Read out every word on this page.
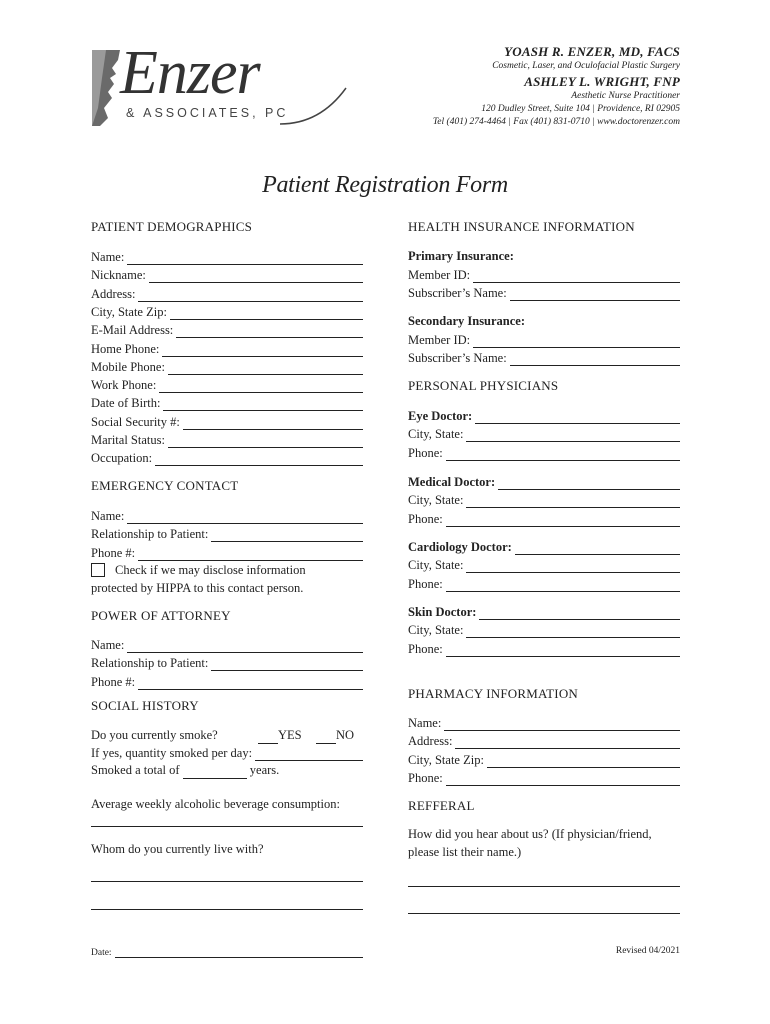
Enzer
& ASSOCIATES, PC
YOASH R. ENZER, MD, FACS
Cosmetic, Laser, and Oculofacial Plastic Surgery
ASHLEY L. WRIGHT, FNP
Aesthetic Nurse Practitioner
120 Dudley Street, Suite 104 | Providence, RI 02905
Tel (401) 274-4464 | Fax (401) 831-0710 | www.doctorenzer.com
Patient Registration Form
PATIENT DEMOGRAPHICS
Name:
Nickname:
Address:
City, State Zip:
E-Mail Address:
Home Phone:
Mobile Phone:
Work Phone:
Date of Birth:
Social Security #:
Marital Status:
Occupation:
EMERGENCY CONTACT
Name:
Relationship to Patient:
Phone #:
Check if we may disclose information
protected by HIPPA to this contact person.
POWER OF ATTORNEY
Name:
Relationship to Patient:
Phone #:
SOCIAL HISTORY
Do you currently smoke?	YES	NO
If yes, quantity smoked per day:
Smoked a total of	years.
Average weekly alcoholic beverage consumption:
Whom do you currently live with?
HEALTH INSURANCE INFORMATION
Primary Insurance:
Member ID:
Subscriber’s Name:
Secondary Insurance:
Member ID:
Subscriber’s Name:
PERSONAL PHYSICIANS
Eye Doctor:
City, State:
Phone:
Medical Doctor:
City, State:
Phone:
Cardiology Doctor:
City, State:
Phone:
Skin Doctor:
City, State:
Phone:
PHARMACY INFORMATION
Name:
Address:
City, State Zip:
Phone:
REFFERAL
How did you hear about us? (If physician/friend,
please list their name.)
Date:	Revised 04/2021
